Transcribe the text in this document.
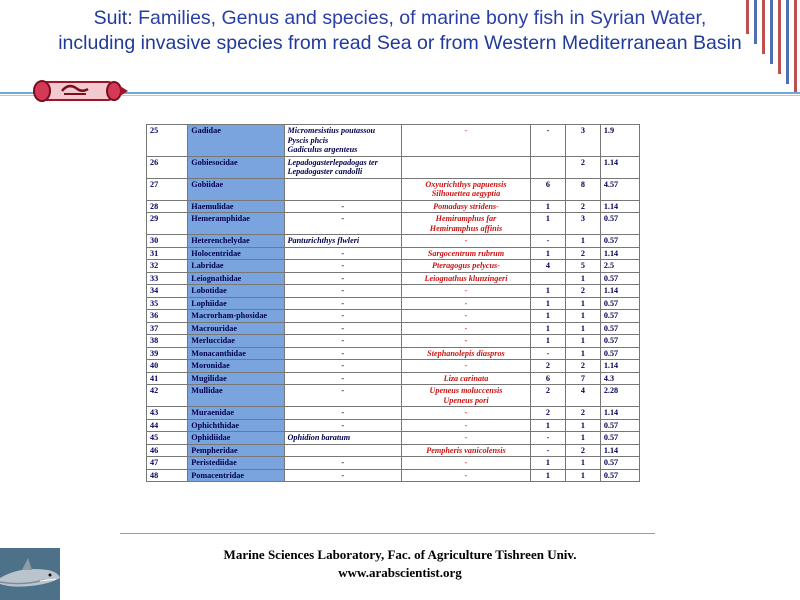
Suit: Families, Genus and species, of marine bony fish in Syrian Water,
including invasive species from read Sea or from Western Mediterranean Basin
25	Gadidae	Micromesistius poutassou
Pyscis phcis
Gadiculus argenteus	-	-	3	1.9
26	Gobiesocidae	Lepadogasterlepadogas ter Lepadogaster candolli			2	1.14
27	Gobiidae		Oxyurichthys papuensis
Silhouettea aegyptia	6	8	4.57
28	Haemulidae	-	Pomadasy stridens-	1	2	1.14
29	Hemeramphidae	-	Hemiramphus far
Hemiramphus affinis	1	3	0.57
30	Heterenchelydae	Panturichthys flwleri	-	-	1	0.57
31	Holocentridae	-	Sargocentrum rubrum	1	2	1.14
32	Labridae	-	Pteragogus pelycus-	4	5	2.5
33	Leiognathidae	-	Leiognathus klunzingeri		1	0.57
34	Lobotidae	-	-	1	2	1.14
35	Lophiidae	-	-	1	1	0.57
36	Macrorham-phosidae	-	-	1	1	0.57
37	Macrouridae	-	-	1	1	0.57
38	Merluccidae	-	-	1	1	0.57
39	Monacanthidae	-	Stephanolepis diaspros	-	1	0.57
40	Moronidae	-	-	2	2	1.14
41	Mugilidae	-	Liza carinata	6	7	4.3
42	Mullidae	-	Upeneus moluccensis
Upeneus pori	2	4	2.28
43	Muraenidae	-	-	2	2	1.14
44	Ophichthidae	-	-	1	1	0.57
45	Ophidiidae	Ophidion baratum	-	-	1	0.57
46	Pempheridae		Pempheris vanicolensis	-	2	1.14
47	Peristediidae	-	-	1	1	0.57
48	Pomacentridae	-	-	1	1	0.57
Marine Sciences Laboratory, Fac. of Agriculture Tishreen Univ.
www.arabscientist.org
